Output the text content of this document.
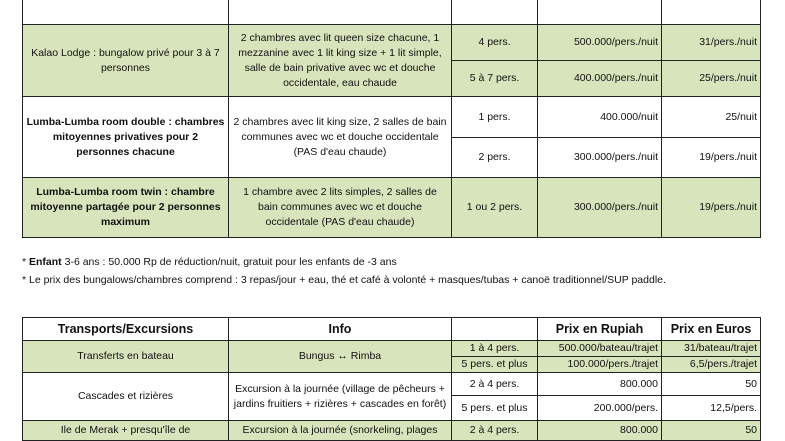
Kalao Lodge : bungalow privé pour 3 à 7 personnes	2 chambres avec lit queen size chacune, 1 mezzanine avec 1 lit king size + 1 lit simple, salle de bain privative avec wc et douche occidentale, eau chaude	4 pers.	500.000/pers./nuit	31/pers./nuit
		5 à 7 pers.	400.000/pers./nuit	25/pers./nuit
Lumba-Lumba room double : chambres mitoyennes privatives pour 2 personnes chacune	2 chambres avec lit king size, 2 salles de bain communes avec wc et douche occidentale (PAS d'eau chaude)	1 pers.	400.000/nuit	25/nuit
		2 pers.	300.000/pers./nuit	19/pers./nuit
Lumba-Lumba room twin : chambre mitoyenne partagée pour 2 personnes maximum	1 chambre avec 2 lits simples, 2 salles de bain communes avec wc et douche occidentale (PAS d'eau chaude)	1 ou 2 pers.	300.000/pers./nuit	19/pers./nuit
* Enfant 3-6 ans : 50.000 Rp de réduction/nuit, gratuit pour les enfants de -3 ans
* Le prix des bungalows/chambres comprend : 3 repas/jour + eau, thé et café à volonté + masques/tubas + canoë traditionnel/SUP paddle.
Transports/Excursions	Info		Prix en Rupiah	Prix en Euros
Transferts en bateau	Bungus ↔ Rimba	1 à 4 pers.	500.000/bateau/trajet	31/bateau/trajet
		5 pers. et plus	100.000/pers./trajet	6,5/pers./trajet
Cascades et rizières	Excursion à la journée (village de pêcheurs + jardins fruitiers + rizières + cascades en forêt)	2 à 4 pers.	800.000	50
		5 pers. et plus	200.000/pers.	12,5/pers.
Ile de Merak + presqu'île de	Excursion à la journée (snorkeling, plages	2 à 4 pers.	800.000	50
